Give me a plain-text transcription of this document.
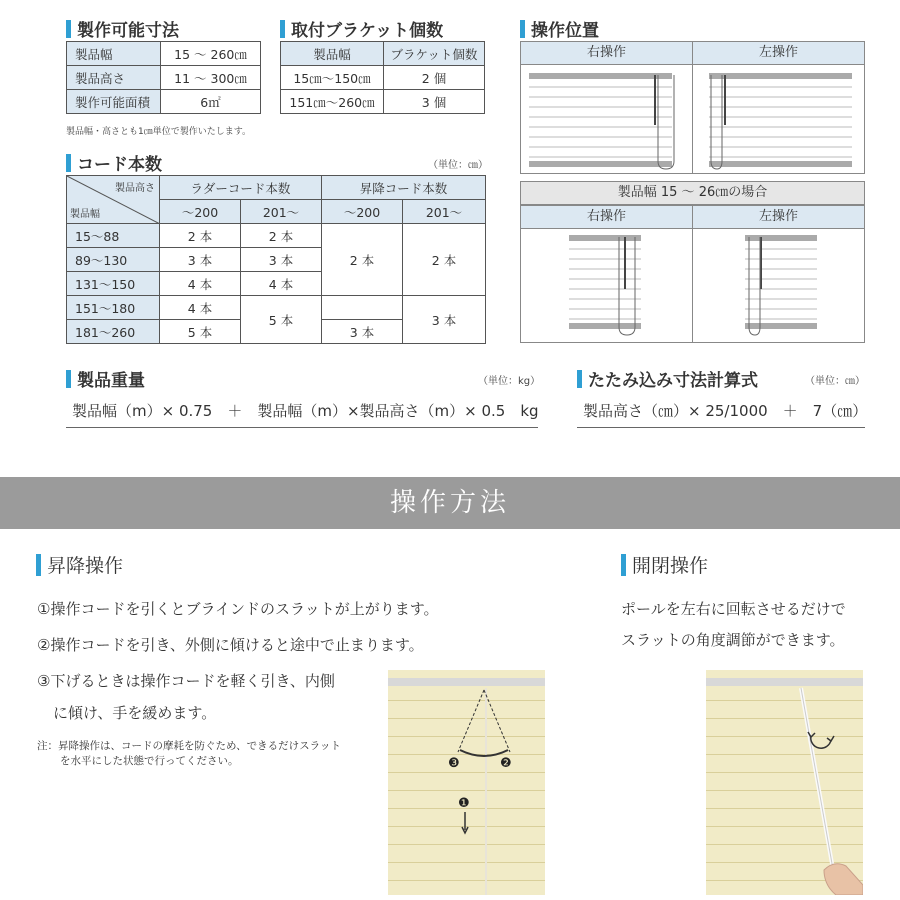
製作可能寸法
製品幅	15 ～ 260㎝
製品高さ	11 ～ 300㎝
製作可能面積	6㎡
製品幅・高さとも1㎝単位で製作いたします。
取付ブラケット個数
製品幅	ブラケット個数
15㎝～150㎝	2 個
151㎝～260㎝	3 個
コード本数	（単位：㎝）
製品高さ
製品幅	ラダーコード本数		昇降コード本数	
	～200	201～	～200	201～
15～88	2 本	2 本	2 本	2 本
89～130	3 本	3 本		
131～150	4 本	4 本		
151～180	4 本	5 本		3 本
181～260	5 本		3 本	
操作位置
右操作	左操作
製品幅 15 ～ 26㎝の場合
右操作	左操作
製品重量	（単位：kg）
製品幅（m）× 0.75　＋　製品幅（m）×製品高さ（m）× 0.5　kg
たたみ込み寸法計算式	（単位：㎝）
製品高さ（㎝）× 25/1000　＋　7（㎝）
操作方法
昇降操作
①操作コードを引くとブラインドのスラットが上がります。
②操作コードを引き、外側に傾けると途中で止まります。
③下げるときは操作コードを軽く引き、内側
に傾け、手を緩めます。
注：昇降操作は、コードの摩耗を防ぐため、できるだけスラット
を水平にした状態で行ってください。	❸	❷
❶
開閉操作
ポールを左右に回転させるだけで
スラットの角度調節ができます。
